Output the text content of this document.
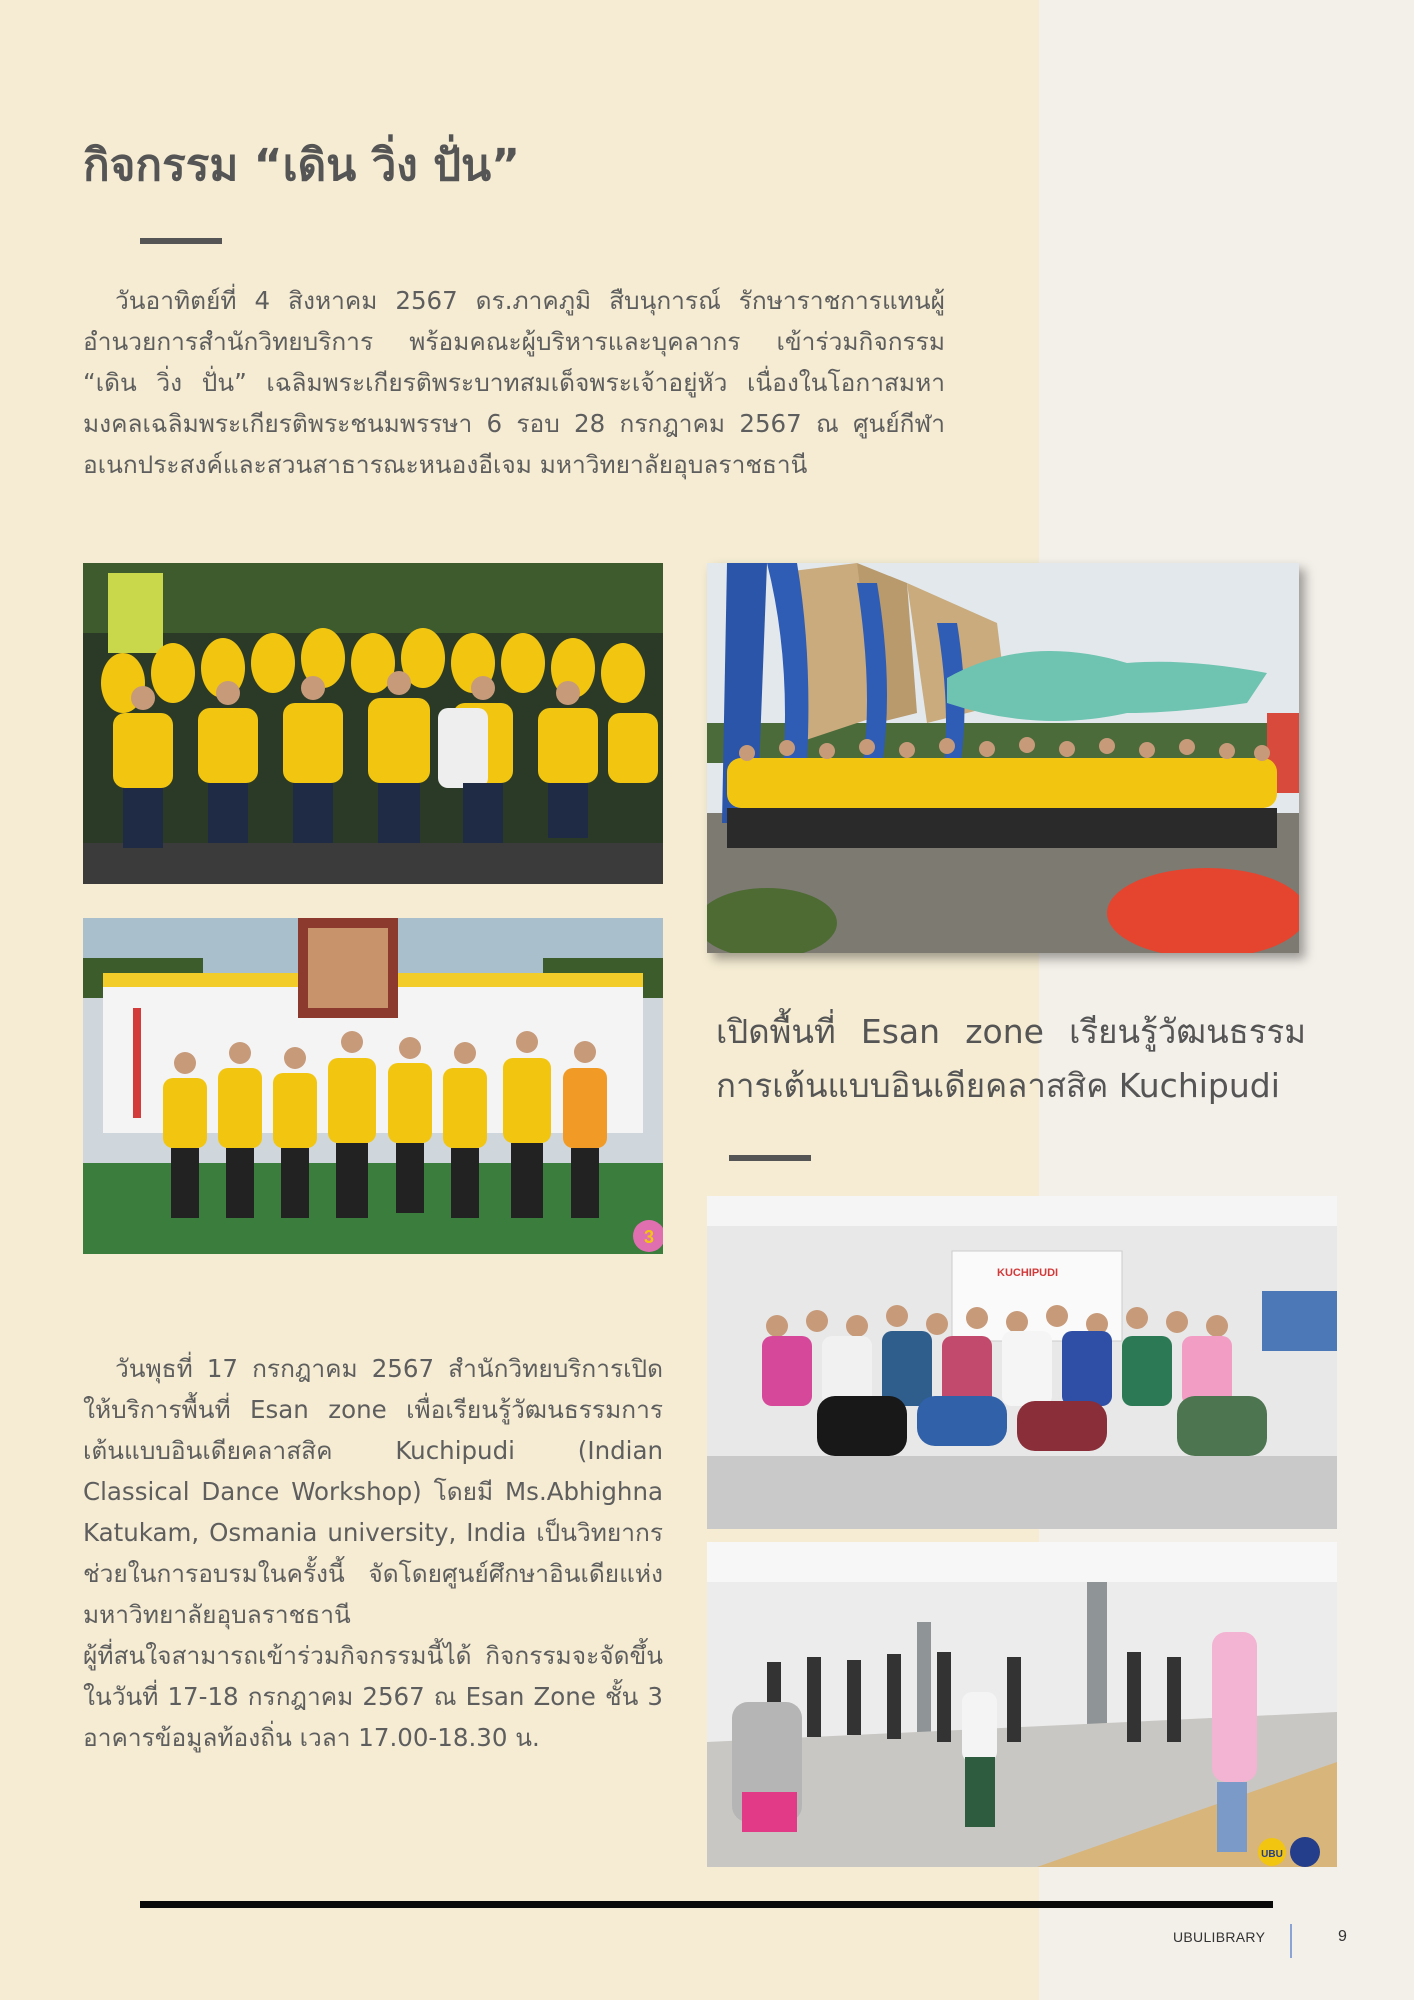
กิจกรรม “เดิน วิ่ง ปั่น”

วันอาทิตย์ที่ 4 สิงหาคม 2567 ดร.ภาคภูมิ สืบนุการณ์ รักษาราชการแทนผู้อำนวยการสำนักวิทยบริการ พร้อมคณะผู้บริหารและบุคลากร เข้าร่วมกิจกรรม “เดิน วิ่ง ปั่น” เฉลิมพระเกียรติพระบาทสมเด็จพระเจ้าอยู่หัว เนื่องในโอกาสมหามงคลเฉลิมพระเกียรติพระชนมพรรษา 6 รอบ 28 กรกฎาคม 2567 ณ ศูนย์กีฬาอเนกประสงค์และสวนสาธารณะหนองอีเจม มหาวิทยาลัยอุบลราชธานี

3
เปิดพื้นที่ Esan zone เรียนรู้วัฒนธรรม
การเต้นแบบอินเดียคลาสสิค Kuchipudi
KUCHIPUDI
UBU

วันพุธที่ 17 กรกฎาคม 2567 สำนักวิทยบริการเปิดให้บริการพื้นที่ Esan zone เพื่อเรียนรู้วัฒนธรรมการเต้นแบบอินเดียคลาสสิค Kuchipudi (Indian Classical Dance Workshop) โดยมี Ms.Abhighna Katukam, Osmania university, India เป็นวิทยากรช่วยในการอบรมในครั้งนี้ จัดโดยศูนย์ศึกษาอินเดียแห่งมหาวิทยาลัยอุบลราชธานี
ผู้ที่สนใจสามารถเข้าร่วมกิจกรรมนี้ได้ กิจกรรมจะจัดขึ้นในวันที่ 17-18 กรกฎาคม 2567 ณ Esan Zone ชั้น 3 อาคารข้อมูลท้องถิ่น เวลา 17.00-18.30 น.

UBULIBRARY	9
